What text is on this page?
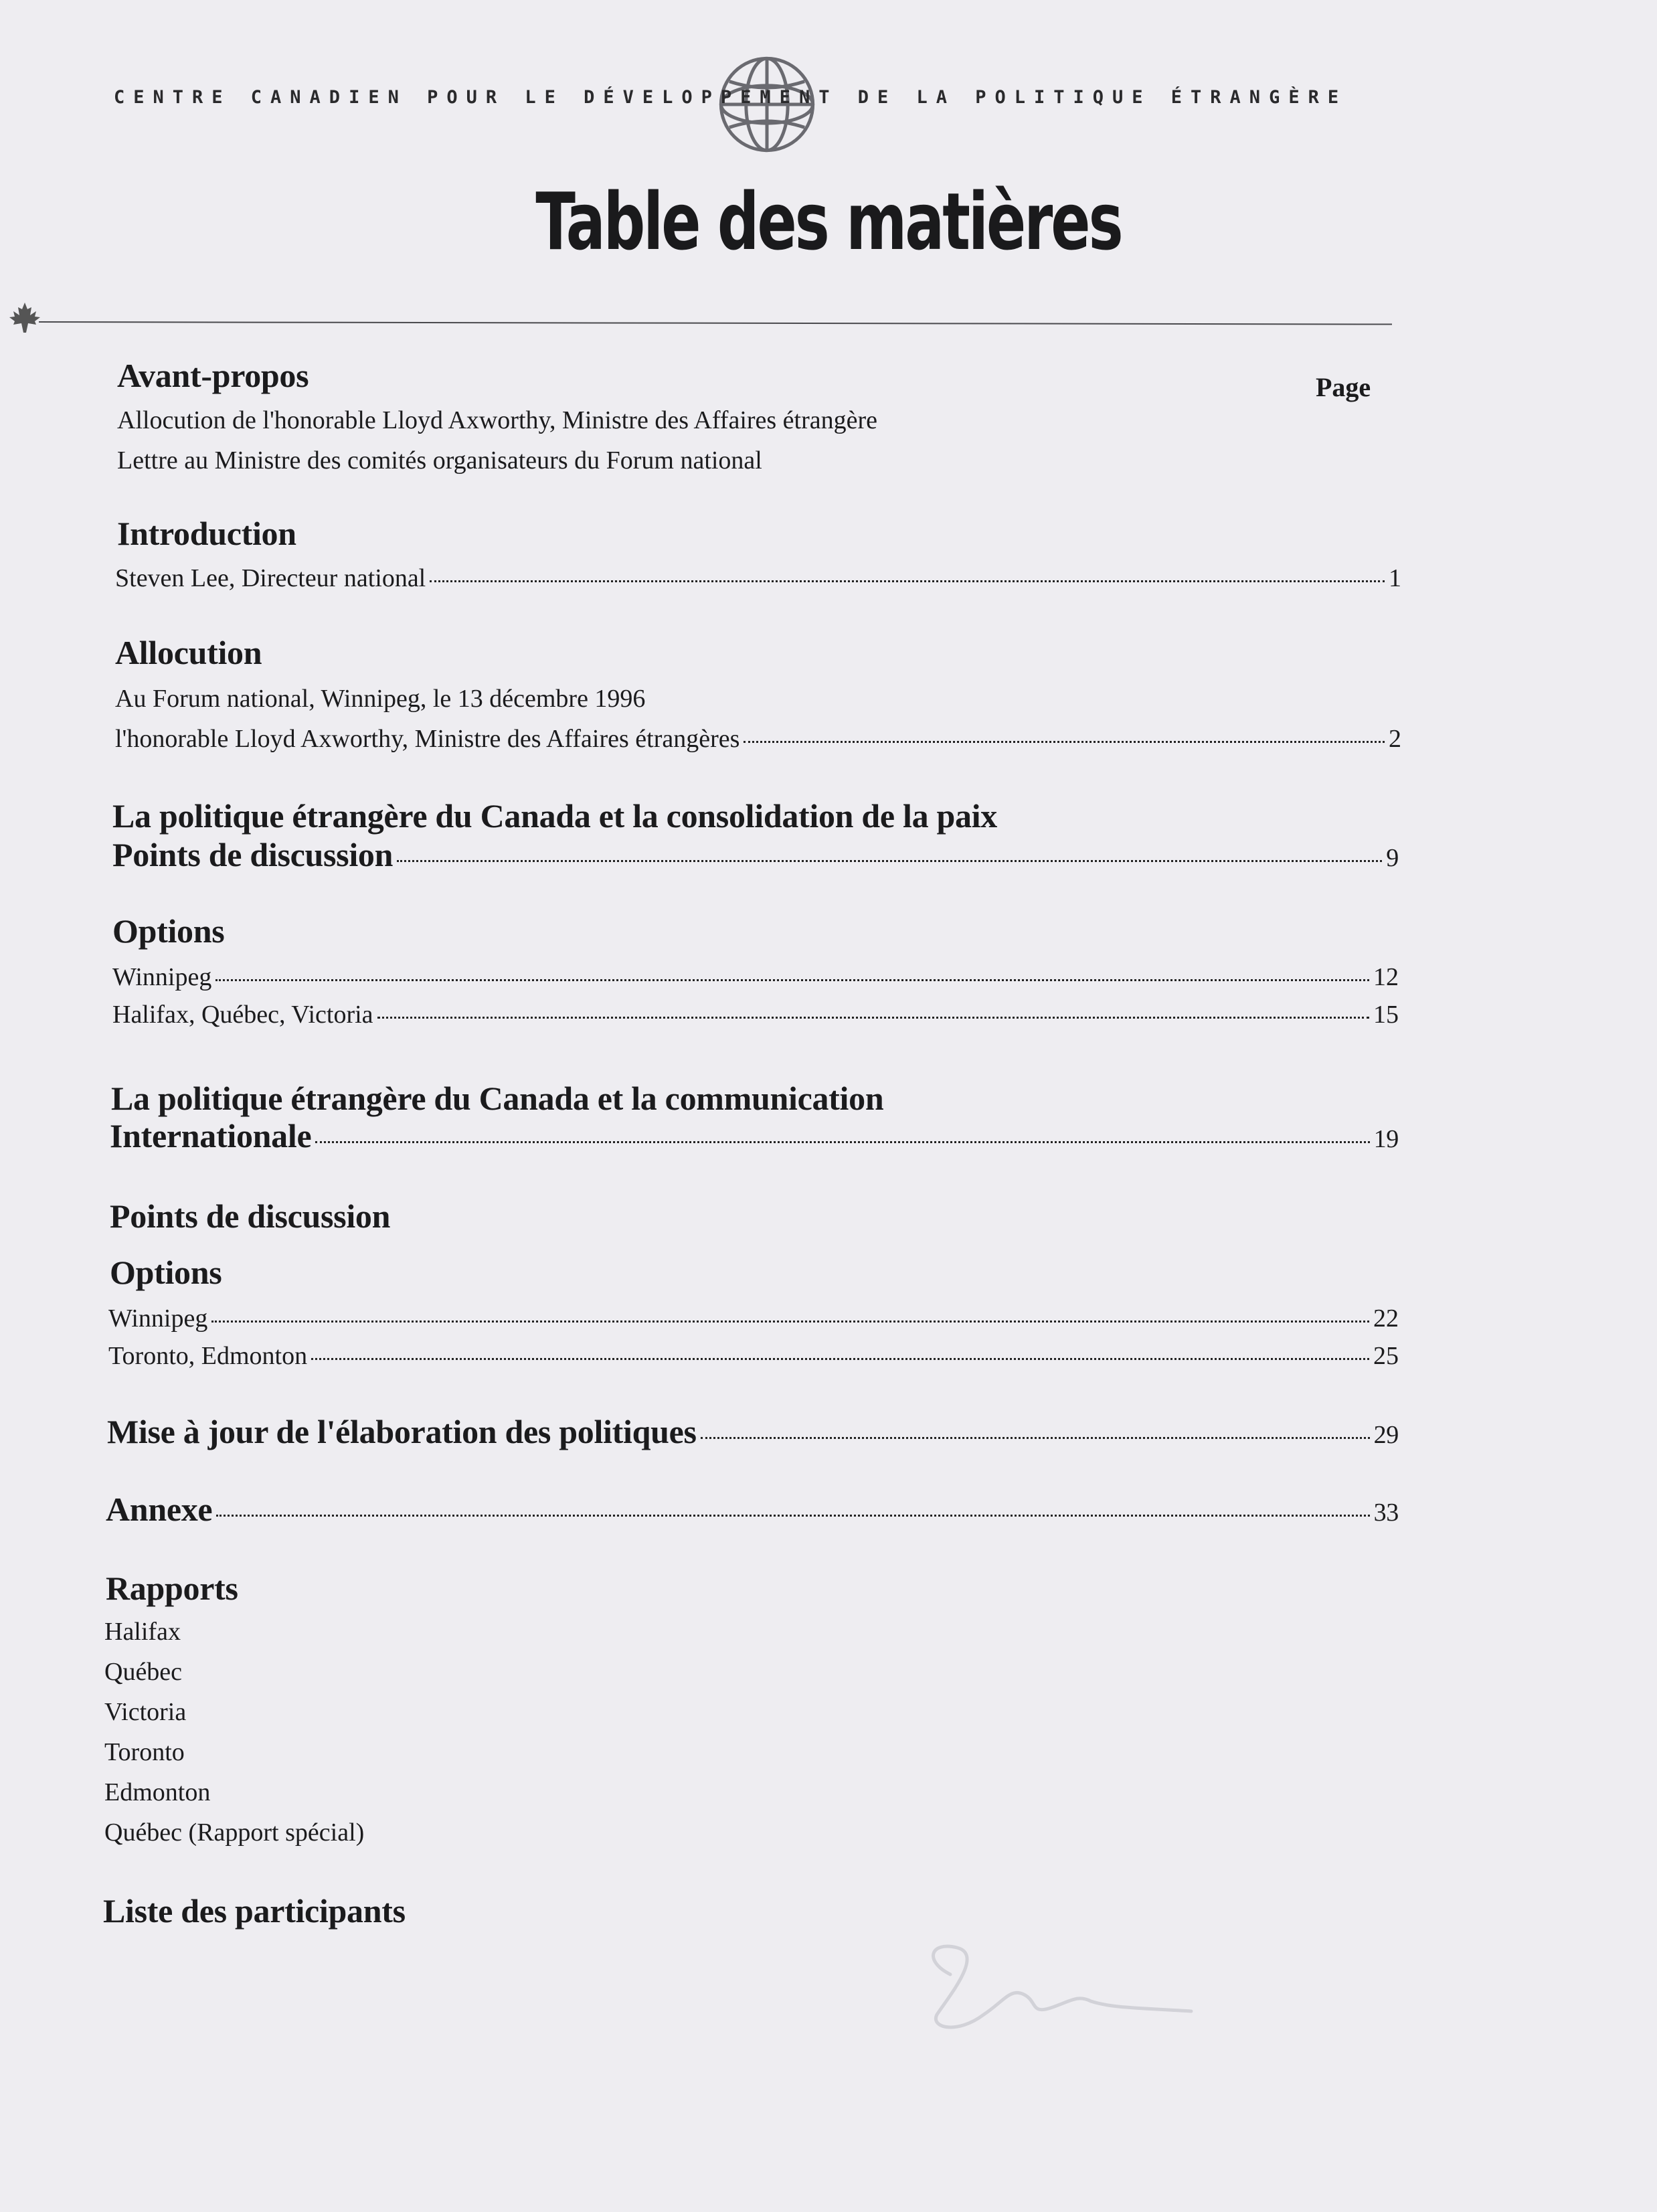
CENTRE CANADIEN POUR LE DÉVELOPPEMENT DE LA POLITIQUE ÉTRANGÈRE
Table des matières
Page
Avant-propos
Allocution de l'honorable Lloyd Axworthy, Ministre des Affaires étrangère
Lettre au Ministre des comités organisateurs du Forum national
Introduction
Steven Lee, Directeur national	1
Allocution
Au Forum national, Winnipeg, le 13 décembre 1996
l'honorable Lloyd Axworthy, Ministre des Affaires étrangères	2
La politique étrangère du Canada et la consolidation de la paix
Points de discussion	9
Options
Winnipeg	12
Halifax, Québec, Victoria	15
La politique étrangère du Canada et la communication
Internationale	19
Points de discussion
Options
Winnipeg	22
Toronto, Edmonton	25
Mise à jour de l'élaboration des politiques	29
Annexe	33
Rapports
Halifax
Québec
Victoria
Toronto
Edmonton
Québec (Rapport spécial)
Liste des participants
